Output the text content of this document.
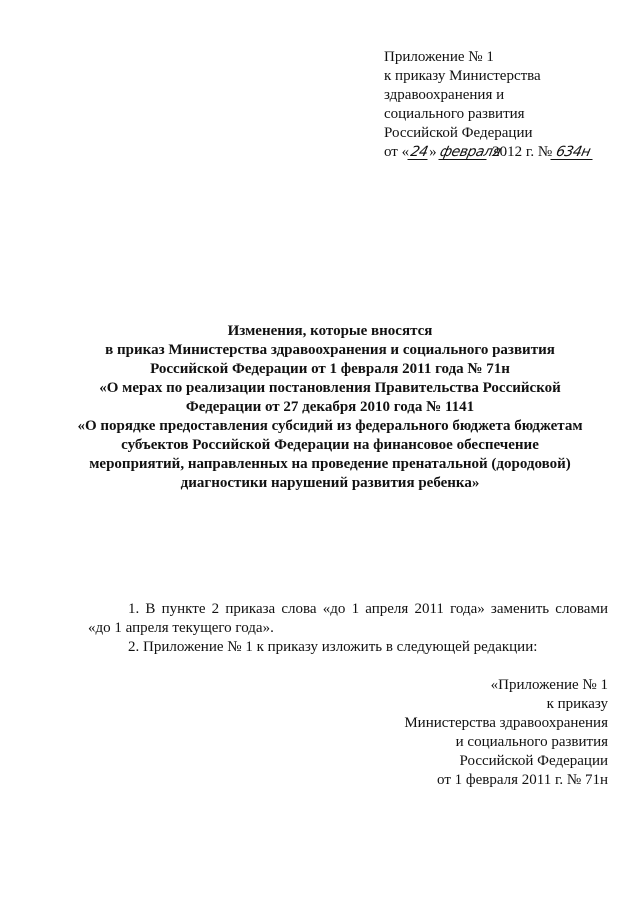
Приложение № 1
к приказу Министерства
здравоохранения и
социального развития
Российской Федерации
от «24» февраля 2012 г. № 634н
Изменения, которые вносятся
в приказ Министерства здравоохранения и социального развития
Российской Федерации от 1 февраля 2011 года № 71н
«О мерах по реализации постановления Правительства Российской
Федерации от 27 декабря 2010 года № 1141
«О порядке предоставления субсидий из федерального бюджета бюджетам
субъектов Российской Федерации на финансовое обеспечение
мероприятий, направленных на проведение пренатальной (дородовой)
диагностики нарушений развития ребенка»

1. В пункте 2 приказа слова «до 1 апреля 2011 года» заменить словами
«до 1 апреля текущего года».

2. Приложение № 1 к приказу изложить в следующей редакции:

«Приложение № 1
к приказу
Министерства здравоохранения
и социального развития
Российской Федерации
от 1 февраля 2011 г. № 71н
